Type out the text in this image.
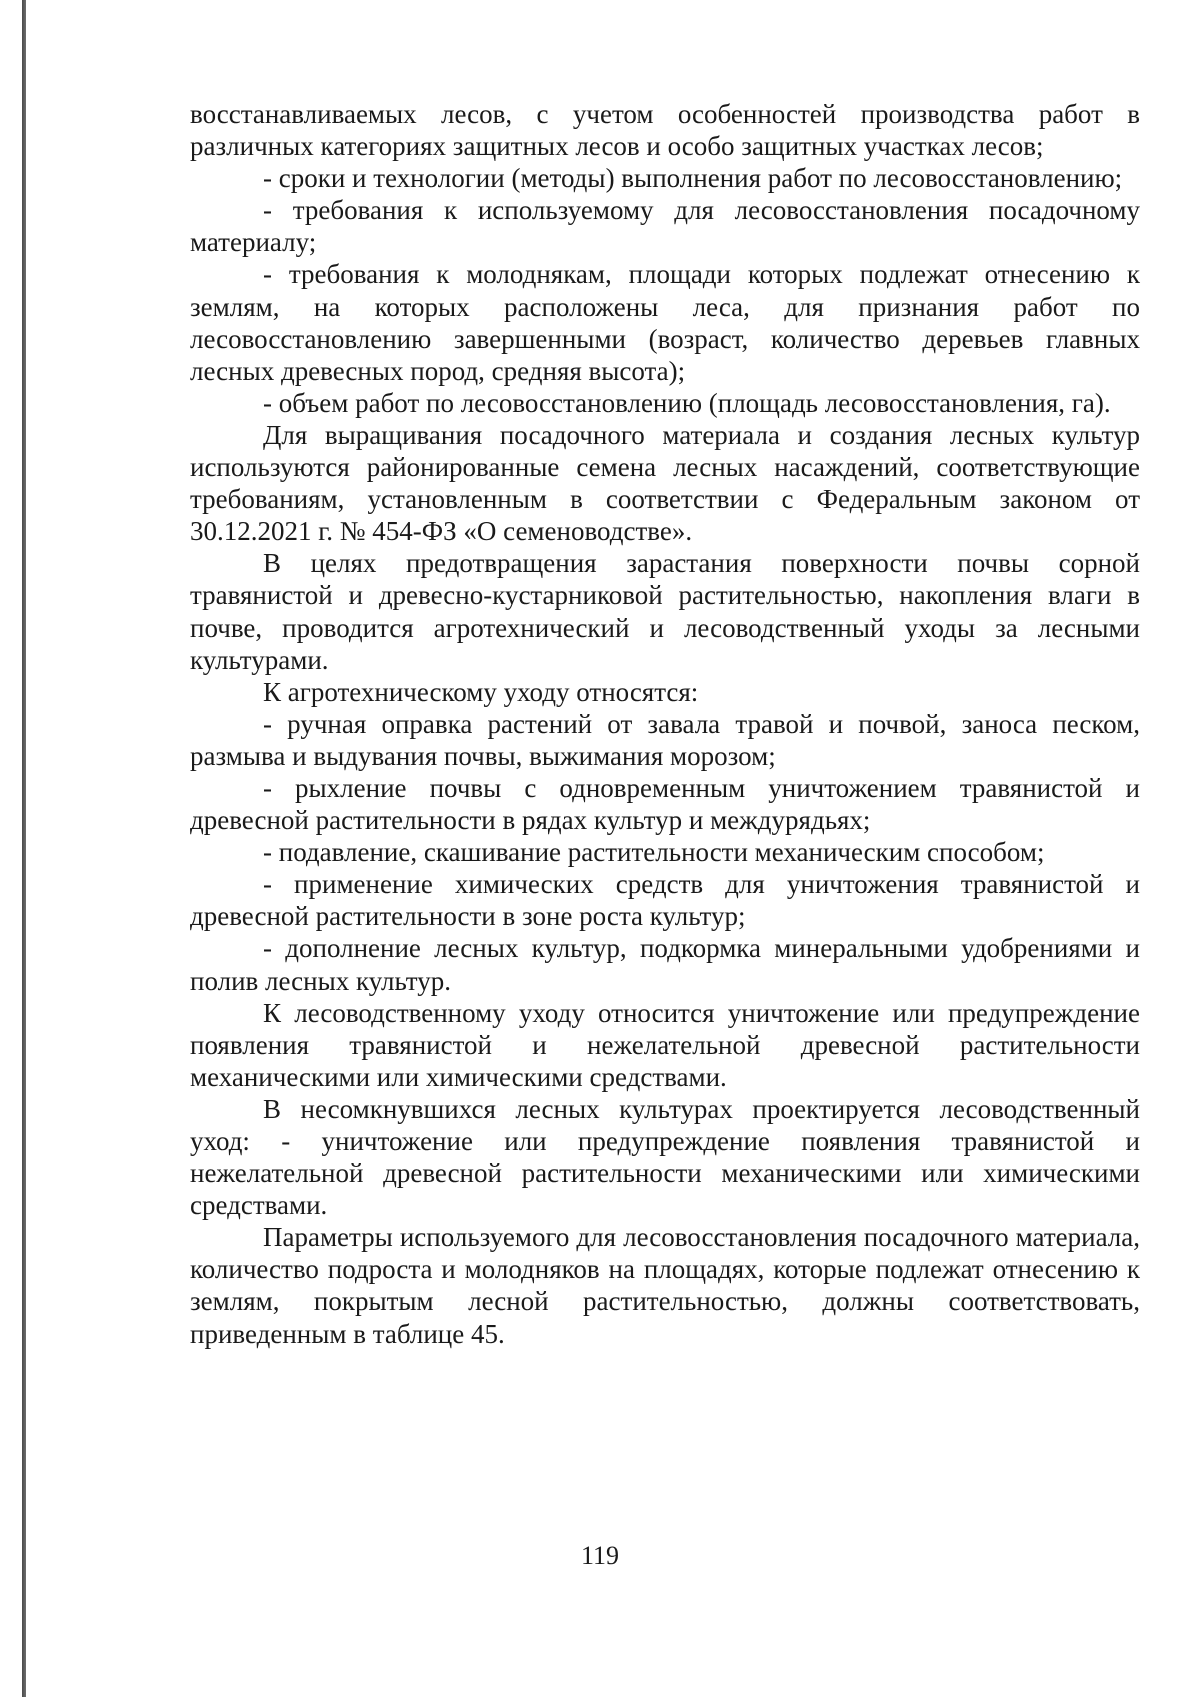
восстанавливаемых лесов, с учетом особенностей производства работ в различных категориях защитных лесов и особо защитных участках лесов;

- сроки и технологии (методы) выполнения работ по лесовосстановлению;

- требования к используемому для лесовосстановления посадочному материалу;

- требования к молоднякам, площади которых подлежат отнесению к землям, на которых расположены леса, для признания работ по лесовосстановлению завершенными (возраст, количество деревьев главных лесных древесных пород, средняя высота);

- объем работ по лесовосстановлению (площадь лесовосстановления, га).

Для выращивания посадочного материала и создания лесных культур используются районированные семена лесных насаждений, соответствующие требованиям, установленным в соответствии с Федеральным законом от 30.12.2021 г. № 454-ФЗ «О семеноводстве».

В целях предотвращения зарастания поверхности почвы сорной травянистой и древесно-кустарниковой растительностью, накопления влаги в почве, проводится агротехнический и лесоводственный уходы за лесными культурами.

К агротехническому уходу относятся:

- ручная оправка растений от завала травой и почвой, заноса песком, размыва и выдувания почвы, выжимания морозом;

- рыхление почвы с одновременным уничтожением травянистой и древесной растительности в рядах культур и междурядьях;

- подавление, скашивание растительности механическим способом;

- применение химических средств для уничтожения травянистой и древесной растительности в зоне роста культур;

- дополнение лесных культур, подкормка минеральными удобрениями и полив лесных культур.

К лесоводственному уходу относится уничтожение или предупреждение появления травянистой и нежелательной древесной растительности механическими или химическими средствами.

В несомкнувшихся лесных культурах проектируется лесоводственный уход: - уничтожение или предупреждение появления травянистой и нежелательной древесной растительности механическими или химическими средствами.

Параметры используемого для лесовосстановления посадочного материала, количество подроста и молодняков на площадях, которые подлежат отнесению к землям, покрытым лесной растительностью, должны соответствовать, приведенным в таблице 45.

119
